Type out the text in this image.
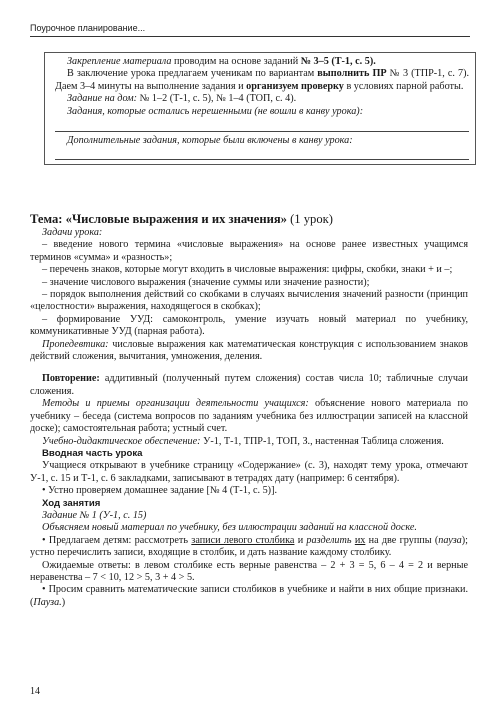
Поурочное планирование...

Закрепление материала проводим на основе заданий № 3–5 (Т-1, с. 5).

В заключение урока предлагаем ученикам по вариантам выполнить ПР № 3 (ТПР-1, с. 7). Даем 3–4 минуты на выполнение задания и организуем проверку в условиях парной работы.

Задание на дом: № 1–2 (Т-1, с. 5), № 1–4 (ТОП, с. 4).

Задания, которые остались нерешенными (не вошли в канву урока):

Дополнительные задания, которые были включены в канву урока:

Тема: «Числовые выражения и их значения» (1 урок)

Задачи урока:

– введение нового термина «числовые выражения» на основе ранее известных учащимся терминов «сумма» и «разность»;

– перечень знаков, которые могут входить в числовые выражения: цифры, скобки, знаки + и –;

– значение числового выражения (значение суммы или значение разности);

– порядок выполнения действий со скобками в случаях вычисления значений разности (принцип «целостности» выражения, находящегося в скобках);

– формирование УУД: самоконтроль, умение изучать новый материал по учебнику, коммуникативные УУД (парная работа).

Пропедевтика: числовые выражения как математическая конструкция с использованием знаков действий сложения, вычитания, умножения, деления.

Повторение: аддитивный (полученный путем сложения) состав числа 10; табличные случаи сложения.

Методы и приемы организации деятельности учащихся: объяснение нового материала по учебнику – беседа (система вопросов по заданиям учебника без иллюстрации записей на классной доске); самостоятельная работа; устный счет.

Учебно-дидактическое обеспечение: У-1, Т-1, ТПР-1, ТОП, З., настенная Таблица сложения.

Вводная часть урока

Учащиеся открывают в учебнике страницу «Содержание» (с. 3), находят тему урока, отмечают У-1, с. 15 и Т-1, с. 6 закладками, записывают в тетрадях дату (например: 6 сентября).

• Устно проверяем домашнее задание [№ 4 (Т-1, с. 5)].

Ход занятия

Задание № 1 (У-1, с. 15)

Объясняем новый материал по учебнику, без иллюстрации заданий на классной доске.

• Предлагаем детям: рассмотреть записи левого столбика и разделить их на две группы (пауза); устно перечислить записи, входящие в столбик, и дать название каждому столбику.

Ожидаемые ответы: в левом столбике есть верные равенства – 2 + 3 = 5, 6 – 4 = 2 и верные неравенства – 7 < 10, 12 > 5, 3 + 4 > 5.

• Просим сравнить математические записи столбиков в учебнике и найти в них общие признаки. (Пауза.)

14
